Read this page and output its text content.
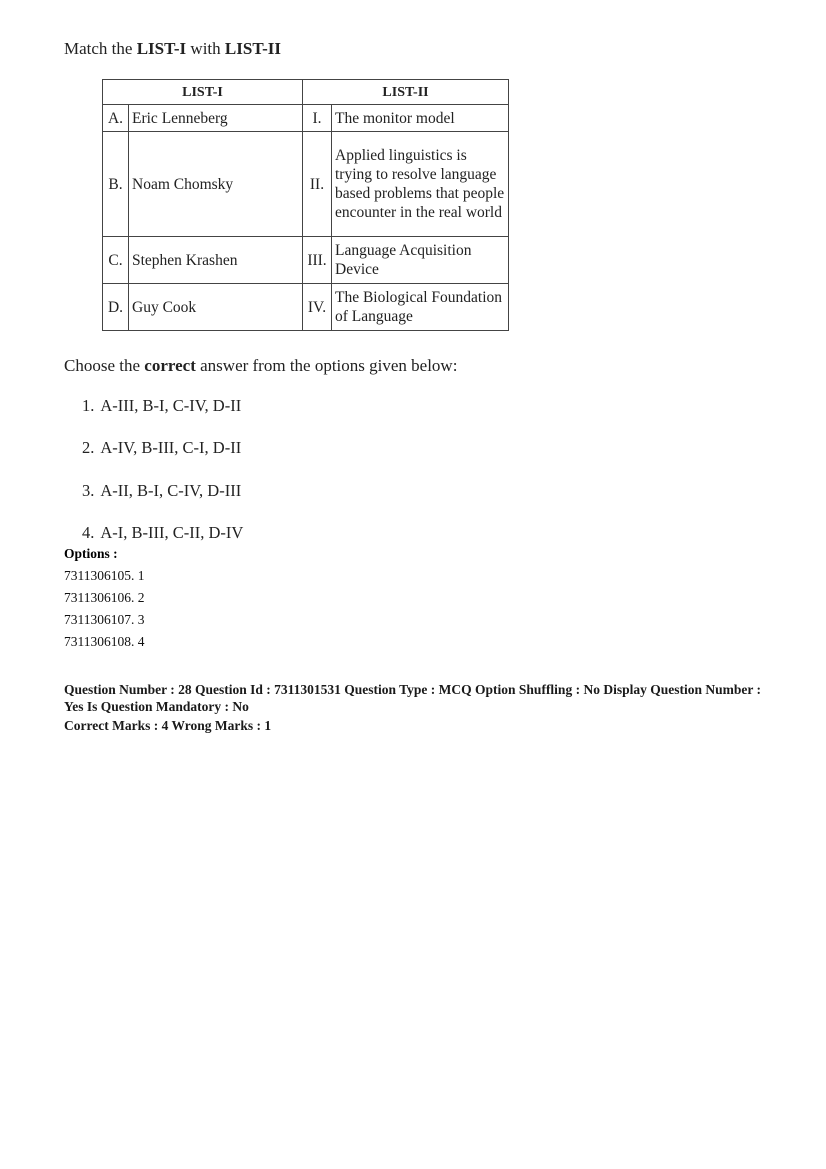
Match the LIST-I with LIST-II
LIST-I		LIST-II	
A.	Eric Lenneberg	I.	The monitor model
B.	Noam Chomsky	II.	Applied linguistics is trying to resolve language based problems that people encounter in the real world
C.	Stephen Krashen	III.	Language Acquisition Device
D.	Guy Cook	IV.	The Biological Foundation of Language
Choose the correct answer from the options given below:
1. A-III, B-I, C-IV, D-II
2. A-IV, B-III, C-I, D-II
3. A-II, B-I, C-IV, D-III
4. A-I, B-III, C-II, D-IV
Options :
7311306105. 1
7311306106. 2
7311306107. 3
7311306108. 4
Question Number : 28 Question Id : 7311301531 Question Type : MCQ Option Shuffling : No Display Question Number : Yes Is Question Mandatory : No
Correct Marks : 4 Wrong Marks : 1
